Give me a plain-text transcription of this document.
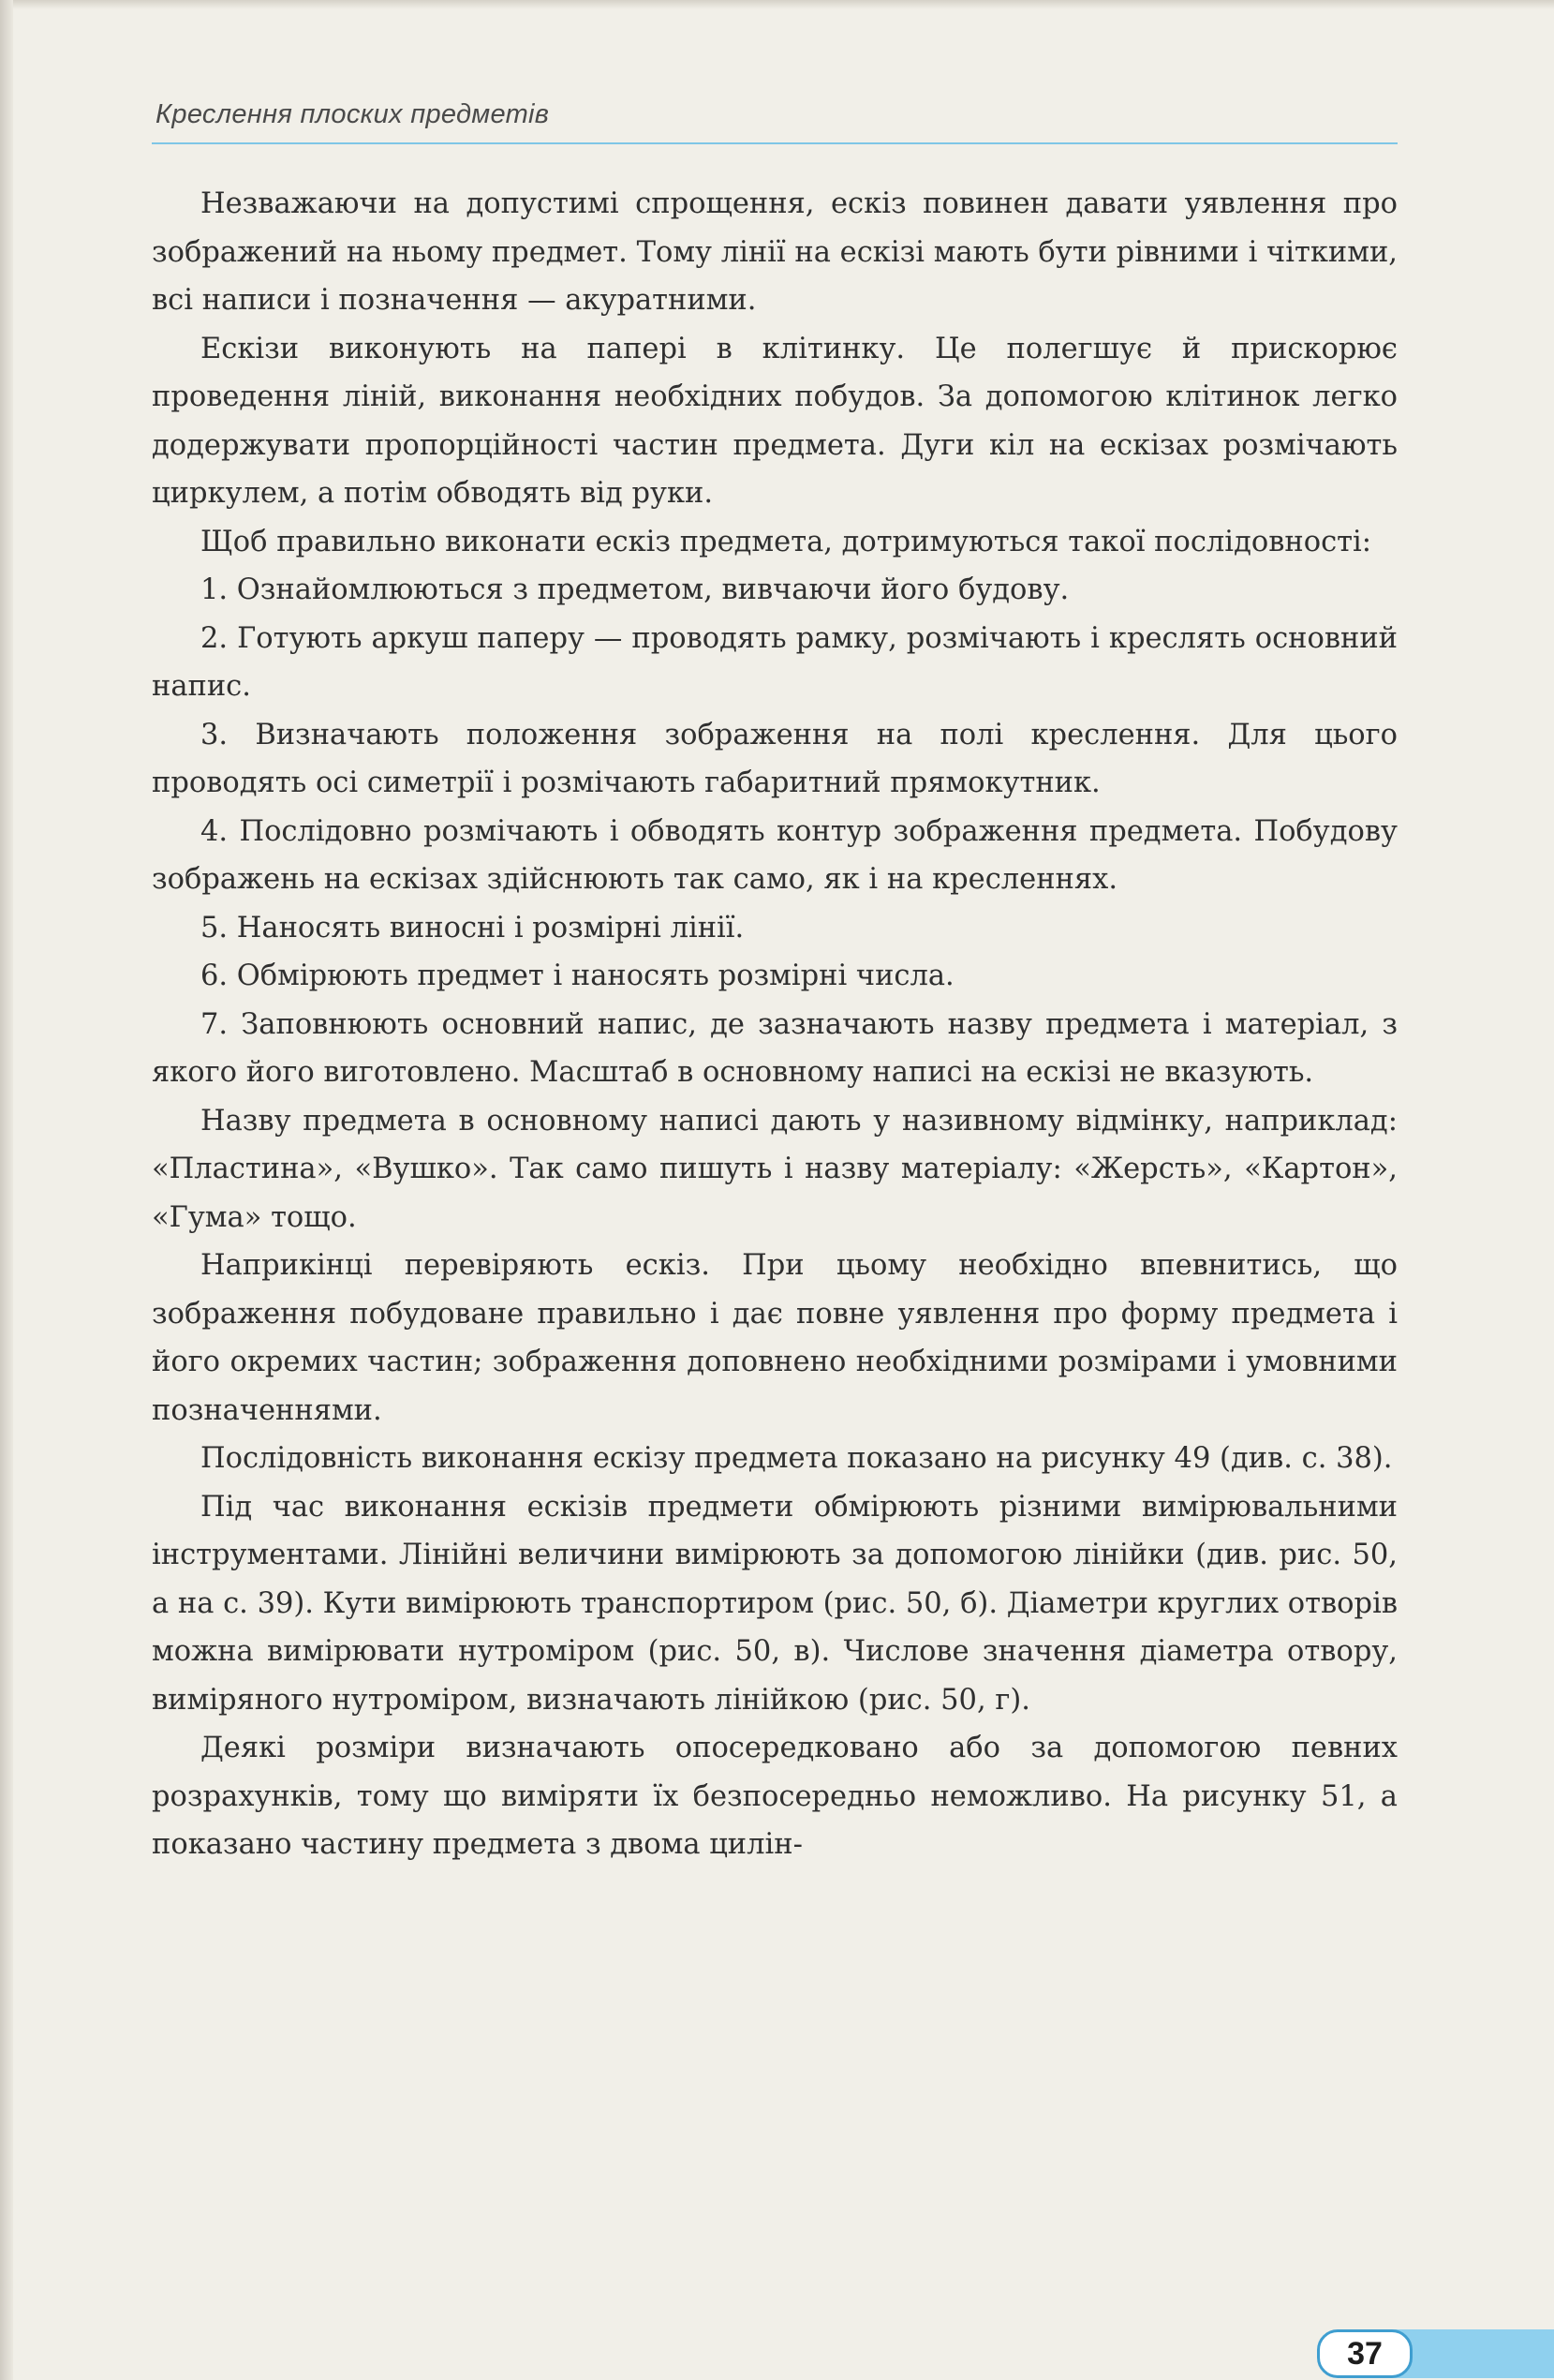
Креслення плоских предметів

Незважаючи на допустимі спрощення, ескіз повинен давати уявлення про зображений на ньому предмет. Тому лінії на ескізі мають бути рівними і чіткими, всі написи і позначення — акуратними.

Ескізи виконують на папері в клітинку. Це полегшує й прискорює проведення ліній, виконання необхідних побудов. За допомогою клітинок легко додержувати пропорційності частин предмета. Дуги кіл на ескізах розмічають циркулем, а потім обводять від руки.

Щоб правильно виконати ескіз предмета, дотримуються такої послідовності:

1. Ознайомлюються з предметом, вивчаючи його будову.

2. Готують аркуш паперу — проводять рамку, розмічають і креслять основний напис.

3. Визначають положення зображення на полі креслення. Для цього проводять осі симетрії і розмічають габаритний прямокутник.

4. Послідовно розмічають і обводять контур зображення предмета. Побудову зображень на ескізах здійснюють так само, як і на кресленнях.

5. Наносять виносні і розмірні лінії.

6. Обмірюють предмет і наносять розмірні числа.

7. Заповнюють основний напис, де зазначають назву предмета і матеріал, з якого його виготовлено. Масштаб в основному написі на ескізі не вказують.

Назву предмета в основному написі дають у називному відмінку, наприклад: «Пластина», «Вушко». Так само пишуть і назву матеріалу: «Жерсть», «Картон», «Гума» тощо.

Наприкінці перевіряють ескіз. При цьому необхідно впевнитись, що зображення побудоване правильно і дає повне уявлення про форму предмета і його окремих частин; зображення доповнено необхідними розмірами і умовними позначеннями.

Послідовність виконання ескізу предмета показано на рисунку 49 (див. с. 38).

Під час виконання ескізів предмети обмірюють різними вимірювальними інструментами. Лінійні величини вимірюють за допомогою лінійки (див. рис. 50, а на с. 39). Кути вимірюють транспортиром (рис. 50, б). Діаметри круглих отворів можна вимірювати нутроміром (рис. 50, в). Числове значення діаметра отвору, виміряного нутроміром, визначають лінійкою (рис. 50, г).

Деякі розміри визначають опосередковано або за допомогою певних розрахунків, тому що виміряти їх безпосередньо неможливо. На рисунку 51, а показано частину предмета з двома цилін-

37
